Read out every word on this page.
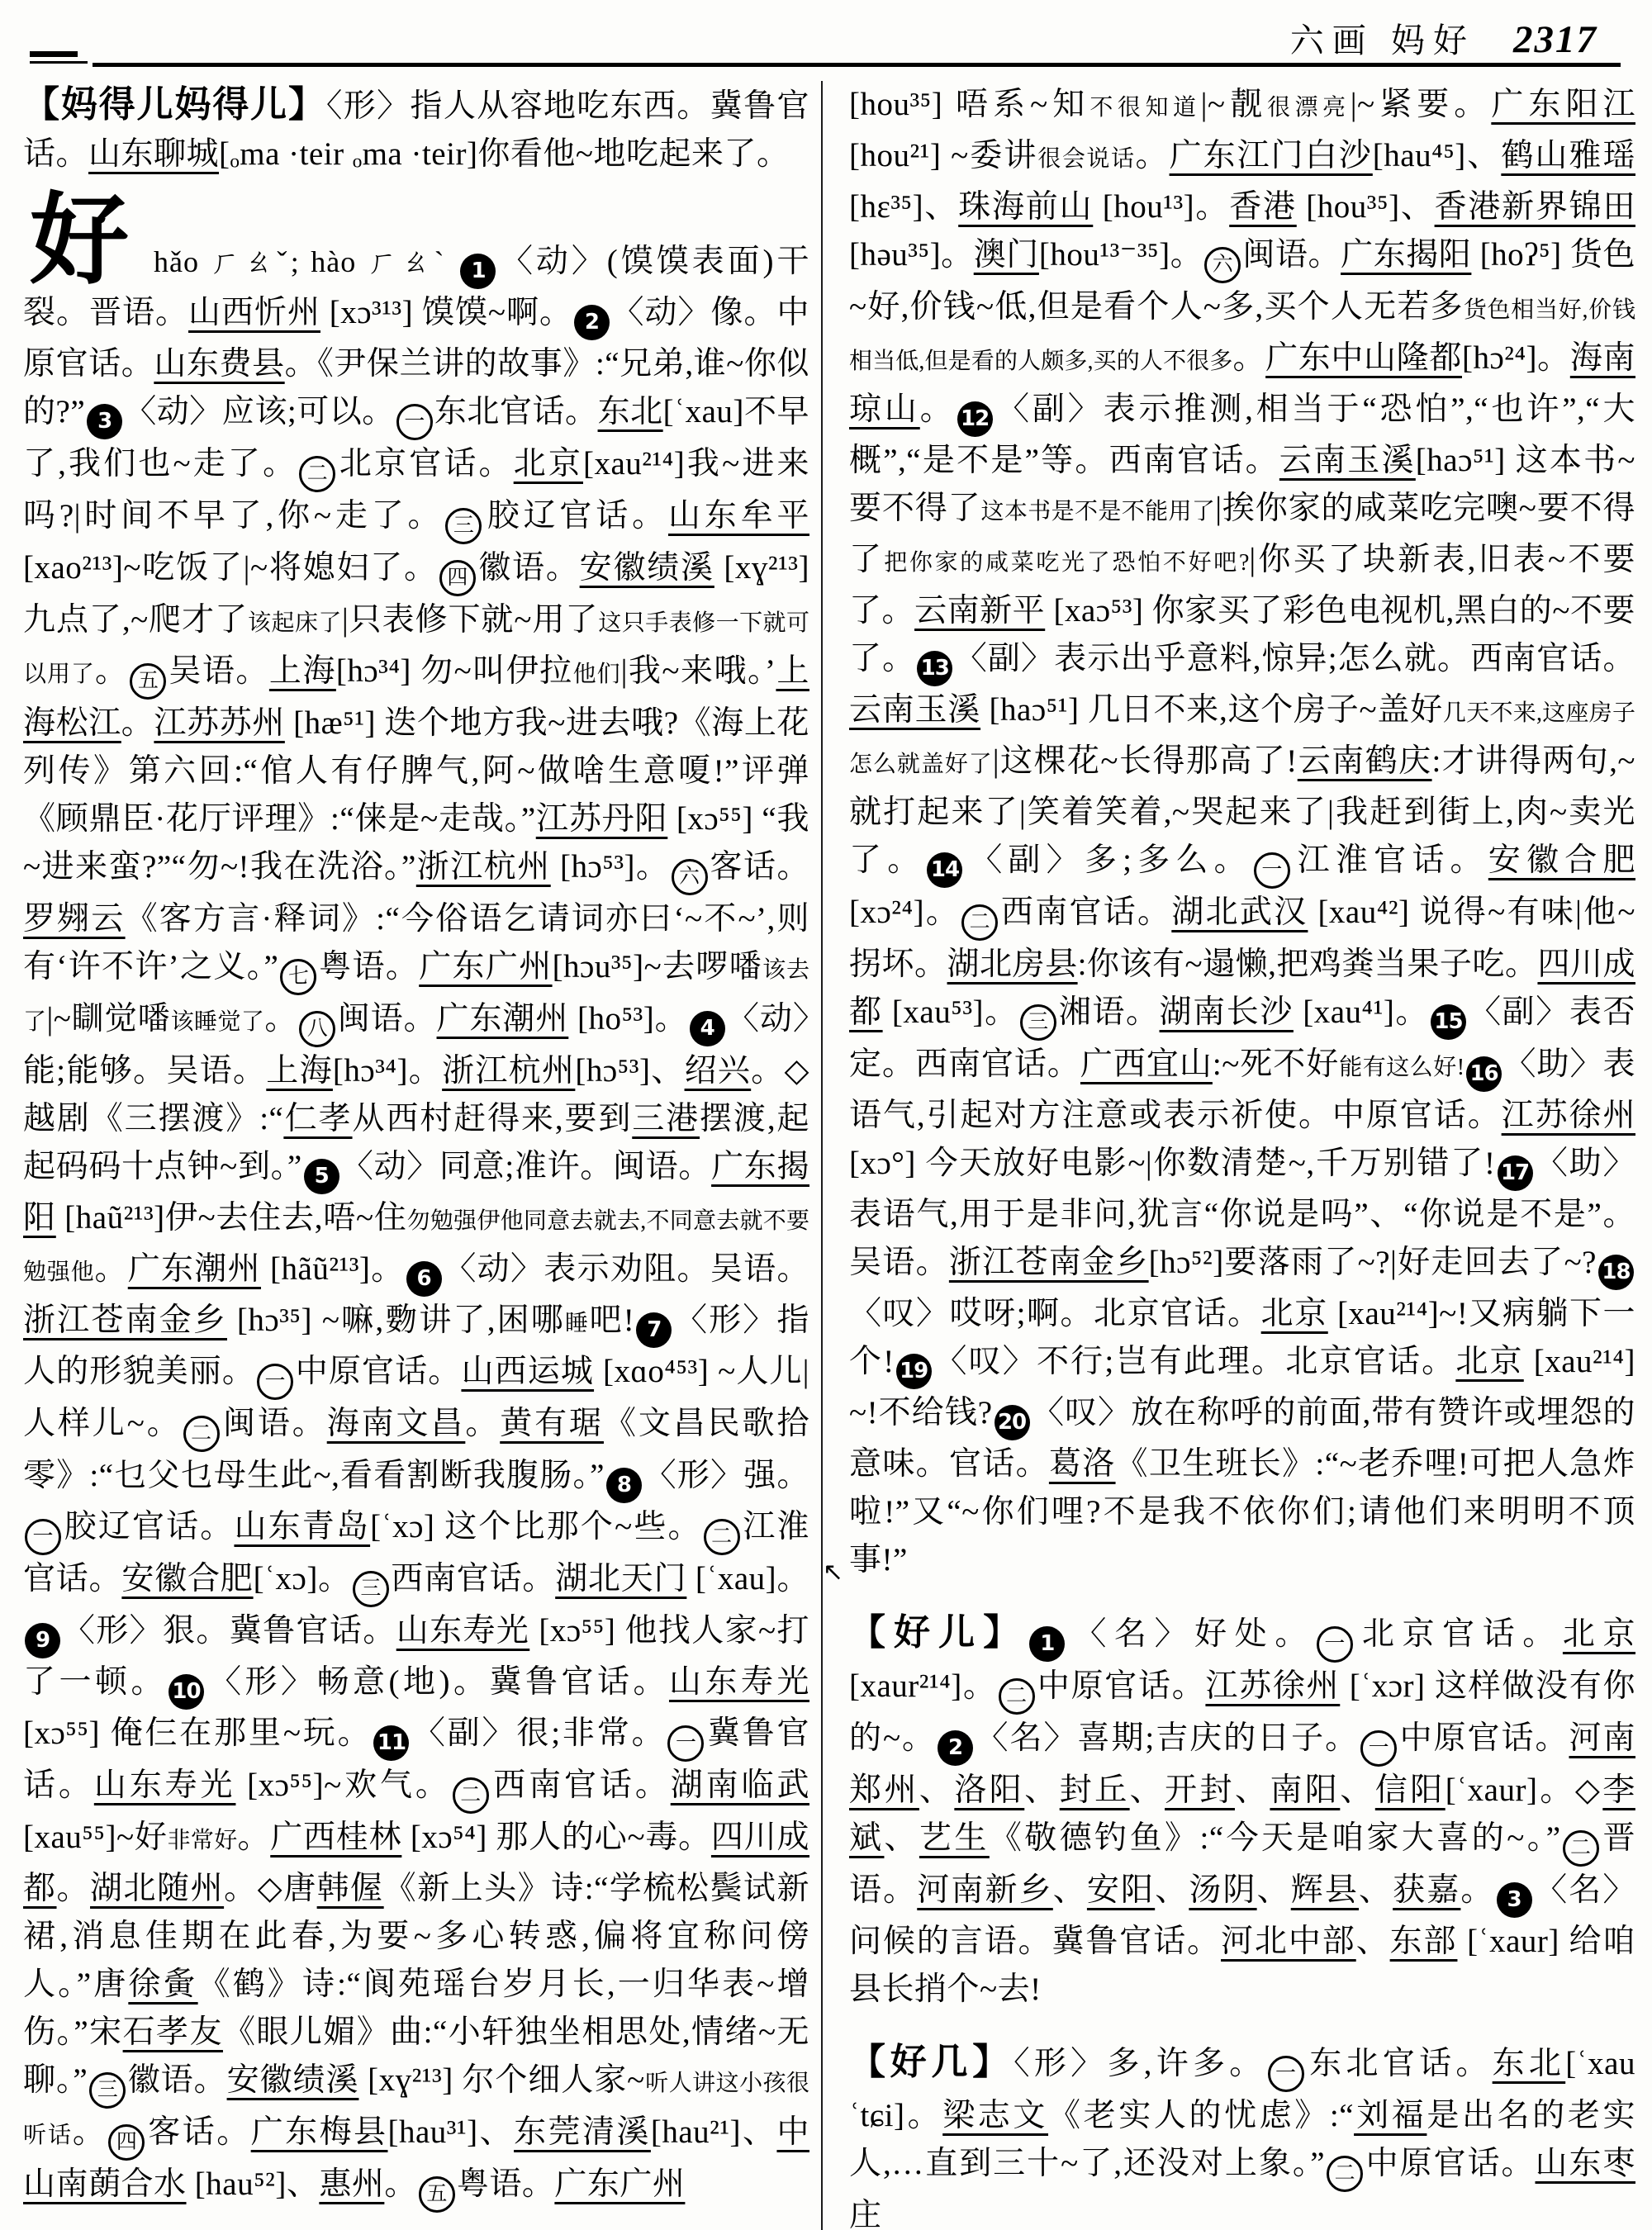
六画 妈好 2317

【妈得儿妈得儿】〈形〉指人从容地吃东西。冀鲁官话。山东聊城[ₒma ·teir ₒma ·teir]你看他~地吃起来了。

好 hǎo ㄏㄠˇ; hào ㄏㄠˋ 1 〈动〉(馍馍表面)干裂。晋语。山西忻州 [xɔ³¹³] 馍馍~啊。 2 〈动〉像。中原官话。山东费县。《尹保兰讲的故事》:“兄弟,谁~你似的?” 3 〈动〉应该;可以。 一 东北官话。东北[ʿxau]不早了,我们也~走了。 二 北京官话。北京[xau²¹⁴]我~进来吗?|时间不早了,你~走了。 三 胶辽官话。山东牟平 [xao²¹³]~吃饭了|~将媳妇了。 四 徽语。安徽绩溪 [xɣ²¹³]九点了,~爬才了该起床了|只表修下就~用了这只手表修一下就可以用了。 五 吴语。上海[hɔ³⁴] 勿~叫伊拉他们|我~来哦。’上海松江。江苏苏州 [hæ⁵¹] 迭个地方我~进去哦?《海上花列传》第六回:“倌人有仔脾气,阿~做啥生意嗄!”评弹《顾鼎臣·花厅评理》:“俫是~走哉。”江苏丹阳 [xɔ⁵⁵] “我~进来蛮?”“勿~!我在洗浴。”浙江杭州 [hɔ⁵³]。 六 客话。罗翙云《客方言·释词》:“今俗语乞请词亦曰‘~不~’,则有‘许不许’之义。” 七 粤语。广东广州[hɔu³⁵]~去啰噃该去了|~瞓觉噃该睡觉了。 八 闽语。广东潮州 [ho⁵³]。 4 〈动〉能;能够。吴语。上海[hɔ³⁴]。浙江杭州[hɔ⁵³]、绍兴。◇越剧《三摆渡》:“仁孝从西村赶得来,要到三港摆渡,起起码码十点钟~到。” 5 〈动〉同意;准许。闽语。广东揭阳 [haũ²¹³]伊~去住去,唔~住勿勉强伊他同意去就去,不同意去就不要勉强他。广东潮州 [hãũ²¹³]。 6 〈动〉表示劝阻。吴语。浙江苍南金乡 [hɔ³⁵] ~嘛,覅讲了,困哪睡吧! 7 〈形〉指人的形貌美丽。 一 中原官话。山西运城 [xɑo⁴⁵³] ~人儿|人样儿~。 二 闽语。海南文昌。黄有琚《文昌民歌拾零》:“乜父乜母生此~,看看割断我腹肠。” 8 〈形〉强。一 胶辽官话。山东青岛[ʿxɔ] 这个比那个~些。 二 江淮官话。安徽合肥[ʿxɔ]。 三 西南官话。湖北天门 [ʿxau]。9 〈形〉狠。冀鲁官话。山东寿光 [xɔ⁵⁵] 他找人家~打了一顿。 10 〈形〉畅意(地)。冀鲁官话。山东寿光 [xɔ⁵⁵] 俺仨在那里~玩。 11 〈副〉很;非常。 一 冀鲁官话。山东寿光 [xɔ⁵⁵]~欢气。 二 西南官话。湖南临武[xau⁵⁵]~好非常好。广西桂林 [xɔ⁵⁴] 那人的心~毒。四川成都。湖北随州。◇唐韩偓《新上头》诗:“学梳松鬓试新裙,消息佳期在此春,为要~多心转惑,偏将宜称问傍人。”唐徐夤《鹤》诗:“阆苑瑶台岁月长,一归华表~增伤。”宋石孝友《眼儿媚》曲:“小轩独坐相思处,情绪~无聊。” 三 徽语。安徽绩溪 [xɣ²¹³] 尔个细人家~听人讲这小孩很听话。 四 客话。广东梅县[hau³¹]、东莞清溪[hau²¹]、中山南蓢合水 [hau⁵²]、惠州。 五 粤语。广东广州

[hou³⁵] 唔系~知不很知道|~靓很漂亮|~紧要。广东阳江 [hou²¹] ~委讲很会说话。广东江门白沙[hau⁴⁵]、鹤山雅瑶 [hɛ³⁵]、珠海前山 [hou¹³]。香港 [hou³⁵]、香港新界锦田[həu³⁵]。澳门[hou¹³⁻³⁵]。 六 闽语。广东揭阳 [hoʔ⁵] 货色~好,价钱~低,但是看个人~多,买个人无若多货色相当好,价钱相当低,但是看的人颇多,买的人不很多。广东中山隆都[hɔ²⁴]。海南琼山。 12 〈副〉表示推测,相当于“恐怕”,“也许”,“大概”,“是不是”等。西南官话。云南玉溪[haɔ⁵¹] 这本书~要不得了这本书是不是不能用了|挨你家的咸菜吃完噢~要不得了把你家的咸菜吃光了恐怕不好吧?|你买了块新表,旧表~不要了。云南新平 [xaɔ⁵³] 你家买了彩色电视机,黑白的~不要了。 13 〈副〉表示出乎意料,惊异;怎么就。西南官话。云南玉溪 [haɔ⁵¹] 几日不来,这个房子~盖好几天不来,这座房子怎么就盖好了|这棵花~长得那高了!云南鹤庆:才讲得两句,~就打起来了|笑着笑着,~哭起来了|我赶到街上,肉~卖光了。 14 〈副〉多;多么。 一 江淮官话。安徽合肥 [xɔ²⁴]。 二 西南官话。湖北武汉 [xau⁴²] 说得~有味|他~拐坏。湖北房县:你该有~遢懒,把鸡粪当果子吃。四川成都 [xau⁵³]。 三 湘语。湖南长沙 [xau⁴¹]。 15 〈副〉表否定。西南官话。广西宜山:~死不好能有这么好! 16 〈助〉表语气,引起对方注意或表示祈使。中原官话。江苏徐州 [xɔ°] 今天放好电影~|你数清楚~,千万别错了! 17 〈助〉表语气,用于是非问,犹言“你说是吗”、“你说是不是”。吴语。浙江苍南金乡[hɔ⁵²]要落雨了~?|好走回去了~? 18〈叹〉哎呀;啊。北京官话。北京 [xau²¹⁴]~!又病躺下一个! 19 〈叹〉不行;岂有此理。北京官话。北京 [xau²¹⁴] ~!不给钱? 20 〈叹〉放在称呼的前面,带有赞许或埋怨的意味。官话。葛洛《卫生班长》:“~老乔哩!可把人急炸啦!”又“~你们哩?不是我不依你们;请他们来明明不顶事!”

【好儿】 1 〈名〉好处。 一 北京官话。北京 [xaur²¹⁴]。 二 中原官话。江苏徐州 [ʿxɔr] 这样做没有你的~。 2 〈名〉喜期;吉庆的日子。 一 中原官话。河南郑州、洛阳、封丘、开封、南阳、信阳[ʿxaur]。◇李斌、艺生《敬德钓鱼》:“今天是咱家大喜的~。” 二 晋语。河南新乡、安阳、汤阴、辉县、获嘉。 3 〈名〉问候的言语。冀鲁官话。河北中部、东部 [ʿxaur] 给咱县长捎个~去!

【好几】〈形〉多,许多。 一 东北官话。东北[ʿxau ʿtɕi]。梁志文《老实人的忧虑》:“刘福是出名的老实人,…直到三十~了,还没对上象。” 二 中原官话。山东枣庄

↖
